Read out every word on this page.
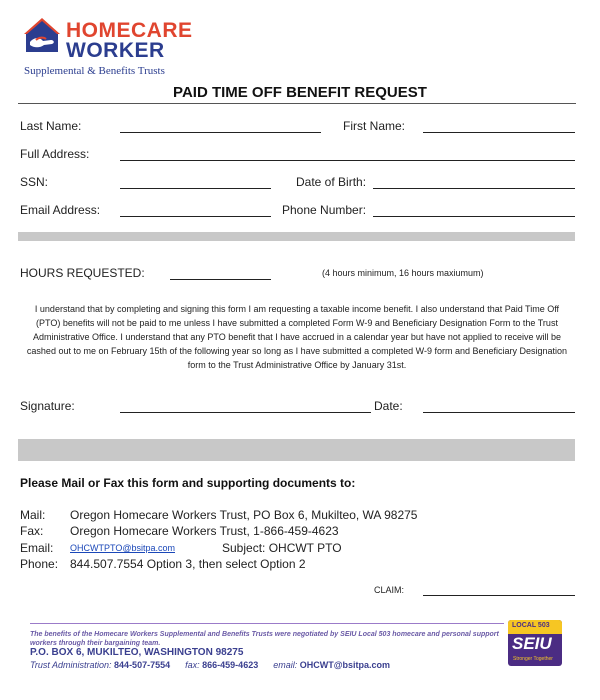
HOMECARE
WORKER
Supplemental & Benefits Trusts
PAID TIME OFF BENEFIT REQUEST
Last Name:	First Name:
Full Address:
SSN:	Date of Birth:
Email Address:	Phone Number:
HOURS REQUESTED:	(4 hours minimum, 16 hours maxiumum)
I understand that by completing and signing this form I am requesting a taxable income benefit. I also understand that Paid Time Off (PTO) benefits will not be paid to me unless I have submitted a completed Form W-9 and Beneficiary Designation Form to the Trust Administrative Office. I understand that any PTO benefit that I have accrued in a calendar year but have not applied to receive will be cashed out to me on February 15th of the following year so long as I have submitted a completed W-9 form and Beneficiary Designation form to the Trust Administrative Office by January 31st.
Signature:	Date:
Please Mail or Fax this form and supporting documents to:
Mail: Oregon Homecare Workers Trust, PO Box 6, Mukilteo, WA 98275
Fax: Oregon Homecare Workers Trust, 1-866-459-4623
Email: OHCWTPTO@bsitpa.com	Subject: OHCWT PTO
Phone: 844.507.7554 Option 3, then select Option 2
CLAIM:
The benefits of the Homecare Workers Supplemental and Benefits Trusts were negotiated by SEIU Local 503 homecare and personal support workers through their bargaining team.
P.O. BOX 6, MUKILTEO, WASHINGTON 98275
Trust Administration: 844-507-7554 fax: 866-459-4623 email: OHCWT@bsitpa.com
LOCAL 503
SEIU
Stronger Together
